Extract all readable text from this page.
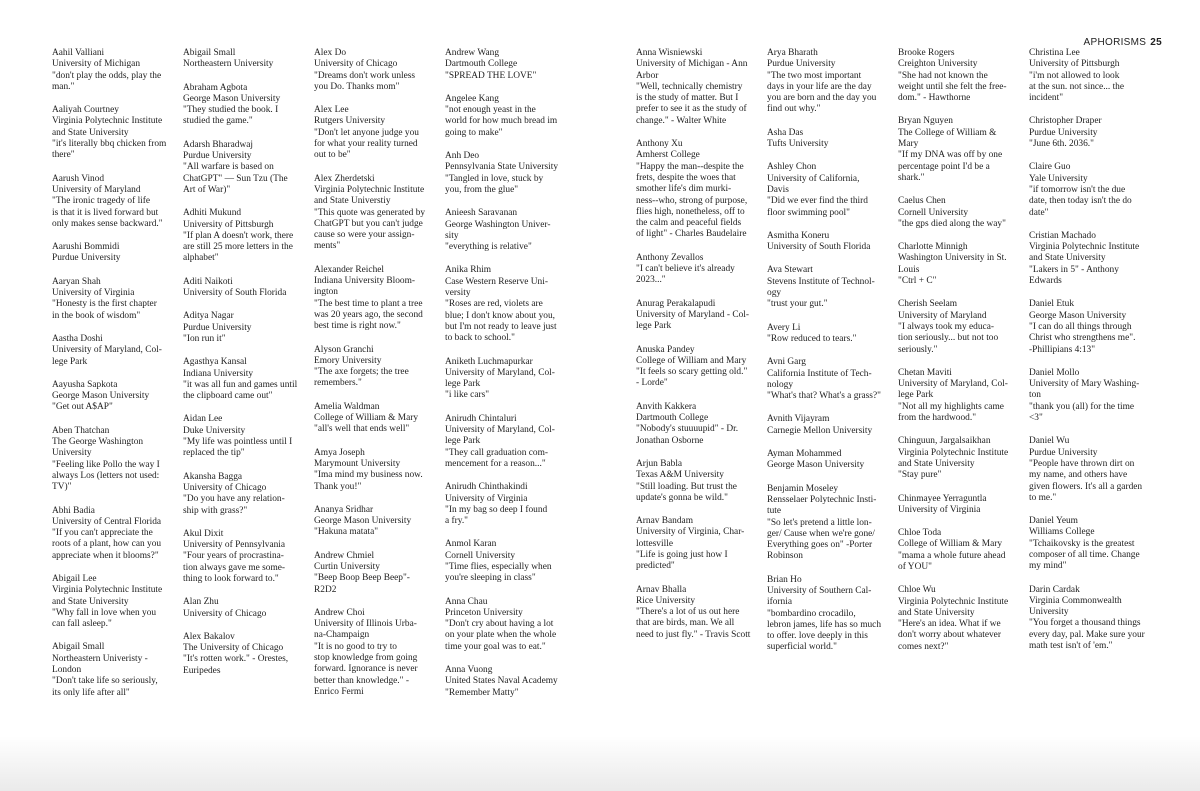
Aahil Valliani
University of Michigan
"don't play the odds, play the
man."
Aaliyah Courtney
Virginia Polytechnic Institute
and State University
"it's literally bbq chicken from
there"
Aarush Vinod
University of Maryland
"The ironic tragedy of life
is that it is lived forward but
only makes sense backward."
Aarushi Bommidi
Purdue University
Aaryan Shah
University of Virginia
"Honesty is the first chapter
in the book of wisdom"
Aastha Doshi
University of Maryland, Col-
lege Park
Aayusha Sapkota
George Mason University
"Get out A$AP"
Aben Thatchan
The George Washington
University
"Feeling like Pollo the way I
always Los (letters not used:
TV)"
Abhi Badia
University of Central Florida
"If you can't appreciate the
roots of a plant, how can you
appreciate when it blooms?"
Abigail Lee
Virginia Polytechnic Institute
and State University
"Why fall in love when you
can fall asleep."
Abigail Small
Northeastern Univeristy -
London
"Don't take life so seriously,
its only life after all"
Abigail Small
Northeastern University
Abraham Agbota
George Mason University
"They studied the book. I
studied the game."
Adarsh Bharadwaj
Purdue University
"All warfare is based on
ChatGPT" — Sun Tzu (The
Art of War)"
Adhiti Mukund
University of Pittsburgh
"If plan A doesn't work, there
are still 25 more letters in the
alphabet"
Aditi Naikoti
University of South Florida
Aditya Nagar
Purdue University
"Ion run it"
Agasthya Kansal
Indiana University
"it was all fun and games until
the clipboard came out"
Aidan Lee
Duke University
"My life was pointless until I
replaced the tip"
Akansha Bagga
University of Chicago
"Do you have any relation-
ship with grass?"
Akul Dixit
University of Pennsylvania
"Four years of procrastina-
tion always gave me some-
thing to look forward to."
Alan Zhu
University of Chicago
Alex Bakalov
The University of Chicago
"It's rotten work." - Orestes,
Euripedes
Alex Do
University of Chicago
"Dreams don't work unless
you Do. Thanks mom"
Alex Lee
Rutgers University
"Don't let anyone judge you
for what your reality turned
out to be"
Alex Zherdetski
Virginia Polytechnic Institute
and State Universtiy
"This quote was generated by
ChatGPT but you can't judge
cause so were your assign-
ments"
Alexander Reichel
Indiana University Bloom-
ington
"The best time to plant a tree
was 20 years ago, the second
best time is right now."
Alyson Granchi
Emory University
"The axe forgets; the tree
remembers."
Amelia Waldman
College of William & Mary
"all's well that ends well"
Amya Joseph
Marymount University
"Ima mind my business now.
Thank you!"
Ananya Sridhar
George Mason University
"Hakuna matata"
Andrew Chmiel
Curtin University
"Beep Boop Beep Beep"-
R2D2
Andrew Choi
University of Illinois Urba-
na-Champaign
"It is no good to try to
stop knowledge from going
forward. Ignorance is never
better than knowledge." -
Enrico Fermi
Andrew Wang
Dartmouth College
"SPREAD THE LOVE"
Angelee Kang
"not enough yeast in the
world for how much bread im
going to make"
Anh Deo
Pennsylvania State University
"Tangled in love, stuck by
you, from the glue"
Anieesh Saravanan
George Washington Univer-
sity
"everything is relative"
Anika Rhim
Case Western Reserve Uni-
versity
"Roses are red, violets are
blue; I don't know about you,
but I'm not ready to leave just
to back to school."
Aniketh Luchmapurkar
University of Maryland, Col-
lege Park
"i like cars"
Anirudh Chintaluri
University of Maryland, Col-
lege Park
"They call graduation com-
mencement for a reason..."
Anirudh Chinthakindi
University of Virginia
"In my bag so deep I found
a fry."
Anmol Karan
Cornell University
"Time flies, especially when
you're sleeping in class"
Anna Chau
Princeton University
"Don't cry about having a lot
on your plate when the whole
time your goal was to eat."
Anna Vuong
United States Naval Academy
"Remember Matty"
APHORISMS 25
Anna Wisniewski
University of Michigan - Ann
Arbor
"Well, technically chemistry
is the study of matter. But I
prefer to see it as the study of
change." - Walter White
Anthony Xu
Amherst College
"Happy the man--despite the
frets, despite the woes that
smother life's dim murki-
ness--who, strong of purpose,
flies high, nonetheless, off to
the calm and peaceful fields
of light" - Charles Baudelaire
Anthony Zevallos
"I can't believe it's already
2023..."
Anurag Perakalapudi
University of Maryland - Col-
lege Park
Anuska Pandey
College of William and Mary
"It feels so scary getting old."
- Lorde"
Anvith Kakkera
Dartmouth College
"Nobody's stuuuupid" - Dr.
Jonathan Osborne
Arjun Babla
Texas A&M University
"Still loading. But trust the
update's gonna be wild."
Arnav Bandam
University of Virginia, Char-
lottesville
"Life is going just how I
predicted"
Arnav Bhalla
Rice University
"There's a lot of us out here
that are birds, man. We all
need to just fly." - Travis Scott
Arya Bharath
Purdue University
"The two most important
days in your life are the day
you are born and the day you
find out why."
Asha Das
Tufts University
Ashley Chon
University of California,
Davis
"Did we ever find the third
floor swimming pool"
Asmitha Koneru
University of South Florida
Ava Stewart
Stevens Institute of Technol-
ogy
"trust your gut."
Avery Li
"Row reduced to tears."
Avni Garg
California Institute of Tech-
nology
"What's that? What's a grass?"
Avnith Vijayram
Carnegie Mellon University
Ayman Mohammed
George Mason University
Benjamin Moseley
Rensselaer Polytechnic Insti-
tute
"So let's pretend a little lon-
ger/ Cause when we're gone/
Everything goes on" -Porter
Robinson
Brian Ho
University of Southern Cal-
ifornia
"bombardino crocadilo,
lebron james, life has so much
to offer. love deeply in this
superficial world."
Brooke Rogers
Creighton University
"She had not known the
weight until she felt the free-
dom." - Hawthorne
Bryan Nguyen
The College of William &
Mary
"If my DNA was off by one
percentage point I'd be a
shark."
Caelus Chen
Cornell University
"the gps died along the way"
Charlotte Minnigh
Washington University in St.
Louis
"Ctrl + C"
Cherish Seelam
University of Maryland
"I always took my educa-
tion seriously... but not too
seriously."
Chetan Maviti
University of Maryland, Col-
lege Park
"Not all my highlights came
from the hardwood."
Chinguun, Jargalsaikhan
Virginia Polytechnic Institute
and State University
"Stay pure"
Chinmayee Yerraguntla
University of Virginia
Chloe Toda
College of William & Mary
"mama a whole future ahead
of YOU"
Chloe Wu
Virginia Polytechnic Institute
and State University
"Here's an idea. What if we
don't worry about whatever
comes next?"
Christina Lee
University of Pittsburgh
"i'm not allowed to look
at the sun. not since... the
incident"
Christopher Draper
Purdue University
"June 6th. 2036."
Claire Guo
Yale University
"if tomorrow isn't the due
date, then today isn't the do
date"
Cristian Machado
Virginia Polytechnic Institute
and State University
"Lakers in 5" - Anthony
Edwards
Daniel Etuk
George Mason University
"I can do all things through
Christ who strengthens me".
-Phillipians 4:13"
Daniel Mollo
University of Mary Washing-
ton
"thank you (all) for the time
<3"
Daniel Wu
Purdue University
"People have thrown dirt on
my name, and others have
given flowers. It's all a garden
to me."
Daniel Yeum
Williams College
"Tchaikovsky is the greatest
composer of all time. Change
my mind"
Darin Cardak
Virginia Commonwealth
University
"You forget a thousand things
every day, pal. Make sure your
math test isn't of 'em."
